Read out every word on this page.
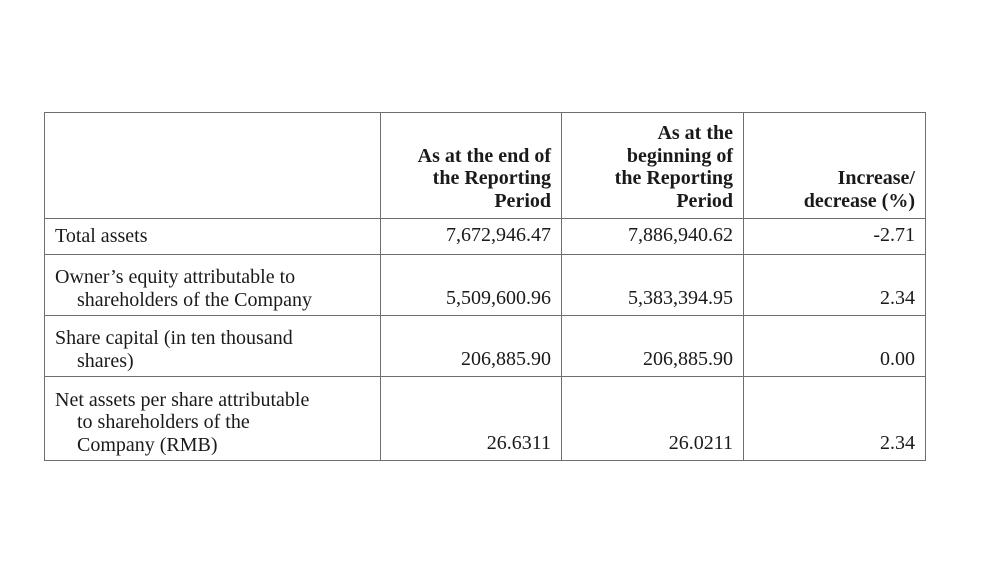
	As at the end of
the Reporting
Period	As at the
beginning of
the Reporting
Period	Increase/
decrease (%)

Total assets	7,672,946.47	7,886,940.62	-2.71

Owner’s equity attributable to
shareholders of the Company	5,509,600.96	5,383,394.95	2.34

Share capital (in ten thousand
shares)	206,885.90	206,885.90	0.00

Net assets per share attributable
to shareholders of the
Company (RMB)	26.6311	26.0211	2.34
